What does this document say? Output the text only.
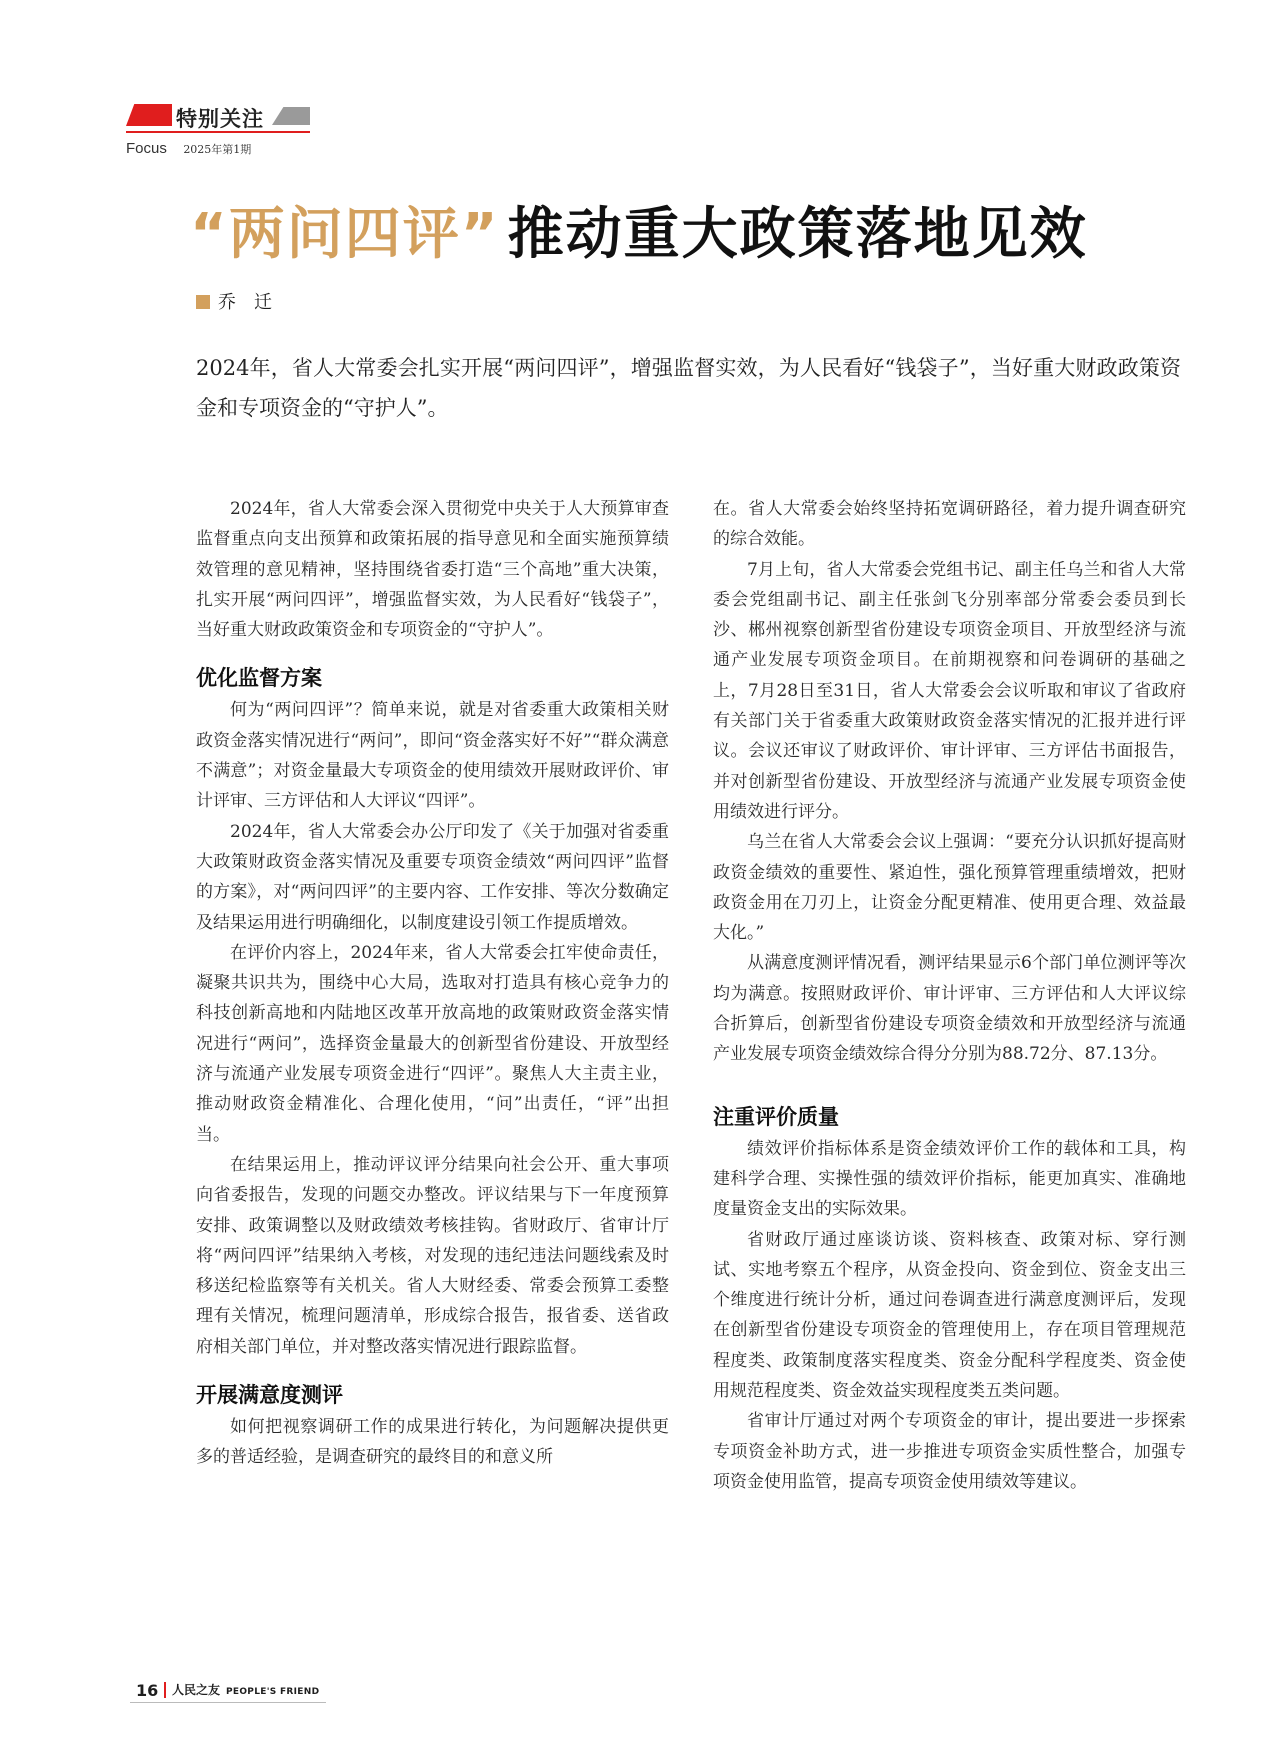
特别关注
Focus 2025年第1期
“两问四评” 推动重大政策落地见效
乔　迁
2024年，省人大常委会扎实开展“两问四评”，增强监督实效，为人民看好“钱袋子”，当好重大财政政策资金和专项资金的“守护人”。

2024年，省人大常委会深入贯彻党中央关于人大预算审查监督重点向支出预算和政策拓展的指导意见和全面实施预算绩效管理的意见精神，坚持围绕省委打造“三个高地”重大决策，扎实开展“两问四评”，增强监督实效，为人民看好“钱袋子”，当好重大财政政策资金和专项资金的“守护人”。

优化监督方案

何为“两问四评”？简单来说，就是对省委重大政策相关财政资金落实情况进行“两问”，即问“资金落实好不好”“群众满意不满意”；对资金量最大专项资金的使用绩效开展财政评价、审计评审、三方评估和人大评议“四评”。

2024年，省人大常委会办公厅印发了《关于加强对省委重大政策财政资金落实情况及重要专项资金绩效“两问四评”监督的方案》，对“两问四评”的主要内容、工作安排、等次分数确定及结果运用进行明确细化，以制度建设引领工作提质增效。

在评价内容上，2024年来，省人大常委会扛牢使命责任，凝聚共识共为，围绕中心大局，选取对打造具有核心竞争力的科技创新高地和内陆地区改革开放高地的政策财政资金落实情况进行“两问”，选择资金量最大的创新型省份建设、开放型经济与流通产业发展专项资金进行“四评”。聚焦人大主责主业，推动财政资金精准化、合理化使用，“问”出责任，“评”出担当。

在结果运用上，推动评议评分结果向社会公开、重大事项向省委报告，发现的问题交办整改。评议结果与下一年度预算安排、政策调整以及财政绩效考核挂钩。省财政厅、省审计厅将“两问四评”结果纳入考核，对发现的违纪违法问题线索及时移送纪检监察等有关机关。省人大财经委、常委会预算工委整理有关情况，梳理问题清单，形成综合报告，报省委、送省政府相关部门单位，并对整改落实情况进行跟踪监督。

开展满意度测评

如何把视察调研工作的成果进行转化，为问题解决提供更多的普适经验，是调查研究的最终目的和意义所

在。省人大常委会始终坚持拓宽调研路径，着力提升调查研究的综合效能。

7月上旬，省人大常委会党组书记、副主任乌兰和省人大常委会党组副书记、副主任张剑飞分别率部分常委会委员到长沙、郴州视察创新型省份建设专项资金项目、开放型经济与流通产业发展专项资金项目。在前期视察和问卷调研的基础之上，7月28日至31日，省人大常委会会议听取和审议了省政府有关部门关于省委重大政策财政资金落实情况的汇报并进行评议。会议还审议了财政评价、审计评审、三方评估书面报告，并对创新型省份建设、开放型经济与流通产业发展专项资金使用绩效进行评分。

乌兰在省人大常委会会议上强调：“要充分认识抓好提高财政资金绩效的重要性、紧迫性，强化预算管理重绩增效，把财政资金用在刀刃上，让资金分配更精准、使用更合理、效益最大化。”

从满意度测评情况看，测评结果显示6个部门单位测评等次均为满意。按照财政评价、审计评审、三方评估和人大评议综合折算后，创新型省份建设专项资金绩效和开放型经济与流通产业发展专项资金绩效综合得分分别为88.72分、87.13分。

注重评价质量

绩效评价指标体系是资金绩效评价工作的载体和工具，构建科学合理、实操性强的绩效评价指标，能更加真实、准确地度量资金支出的实际效果。

省财政厅通过座谈访谈、资料核查、政策对标、穿行测试、实地考察五个程序，从资金投向、资金到位、资金支出三个维度进行统计分析，通过问卷调查进行满意度测评后，发现在创新型省份建设专项资金的管理使用上，存在项目管理规范程度类、政策制度落实程度类、资金分配科学程度类、资金使用规范程度类、资金效益实现程度类五类问题。

省审计厅通过对两个专项资金的审计，提出要进一步探索专项资金补助方式，进一步推进专项资金实质性整合，加强专项资金使用监管，提高专项资金使用绩效等建议。

16 人民之友 PEOPLE'S FRIEND
